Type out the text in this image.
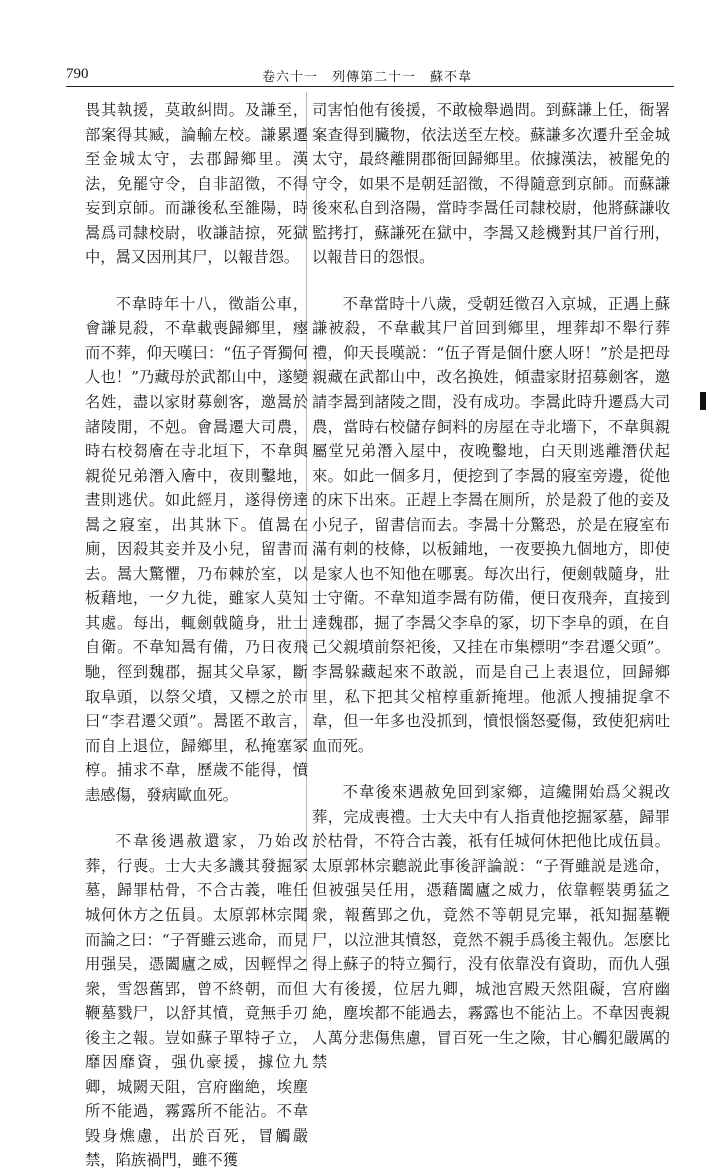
790	卷六十一　列傳第二十一　蘇不韋

畏其執援，莫敢糾問。及謙至，部案得其臧，論輸左校。謙累遷至金城太守，去郡歸鄉里。漢法，免罷守令，自非詔徵，不得妄到京師。而謙後私至雒陽，時暠爲司隸校尉，收謙詰掠，死獄中，暠又因刑其尸，以報昔怨。

不韋時年十八，徵詣公車，會謙見殺，不韋載喪歸鄉里，瘞而不葬，仰天嘆曰：“伍子胥獨何人也！”乃藏母於武都山中，遂變名姓，盡以家財募劍客，邀暠於諸陵閒，不剋。會暠遷大司農，時右校芻廥在寺北垣下，不韋與親從兄弟潛入廥中，夜則鑿地，晝則逃伏。如此經月，遂得傍達暠之寢室，出其牀下。值暠在廁，因殺其妾并及小兒，留書而去。暠大驚懼，乃布棘於室，以板藉地，一夕九徙，雖家人莫知其處。每出，輒劍戟隨身，壯士自衛。不韋知暠有備，乃日夜飛馳，徑到魏郡，掘其父阜冢，斷取阜頭，以祭父墳，又標之於市曰“李君遷父頭”。暠匿不敢言，而自上退位，歸鄉里，私掩塞冢椁。捕求不韋，歷歲不能得，憤恚感傷，發病歐血死。

不韋後遇赦還家，乃始改葬，行喪。士大夫多譏其發掘冢墓，歸罪枯骨，不合古義，唯任城何休方之伍員。太原郭林宗聞而論之曰：“子胥雖云逃命，而見用强吴，憑闔廬之威，因輕悍之衆，雪怨舊郢，曾不終朝，而但鞭墓戮尸，以舒其憤，竟無手刃後主之報。豈如蘇子單特孑立，靡因靡資，强仇豪援，據位九卿，城闕天阻，宫府幽絶，埃塵所不能過，霧露所不能沾。不韋毁身燋慮，出於百死，冒觸嚴禁，陷族禍門，雖不獲

司害怕他有後援，不敢檢舉過問。到蘇謙上任，衙署案查得到臟物，依法送至左校。蘇謙多次遷升至金城太守，最終離開郡衙回歸鄉里。依據漢法，被罷免的守令，如果不是朝廷詔徵，不得隨意到京師。而蘇謙後來私自到洛陽，當時李暠任司隸校尉，他將蘇謙收監拷打，蘇謙死在獄中，李暠又趁機對其尸首行刑，以報昔日的怨恨。

不韋當時十八歲，受朝廷徵召入京城，正遇上蘇謙被殺，不韋載其尸首回到鄉里，埋葬却不舉行葬禮，仰天長嘆説：“伍子胥是個什麽人呀！”於是把母親藏在武都山中，改名换姓，傾盡家財招募劍客，邀請李暠到諸陵之間，没有成功。李暠此時升遷爲大司農，當時右校儲存飼料的房屋在寺北墻下，不韋與親屬堂兄弟潛入屋中，夜晚鑿地，白天則逃離潛伏起來。如此一個多月，便挖到了李暠的寢室旁邊，從他的床下出來。正趕上李暠在厠所，於是殺了他的妾及小兒子，留書信而去。李暠十分驚恐，於是在寢室布滿有刺的枝條，以板鋪地，一夜要换九個地方，即使是家人也不知他在哪裏。每次出行，便劍戟隨身，壯士守衛。不韋知道李暠有防備，便日夜飛奔，直接到達魏郡，掘了李暠父李阜的冢，切下李阜的頭，在自己父親墳前祭祀後，又挂在市集標明“李君遷父頭”。李暠躲藏起來不敢説，而是自己上表退位，回歸鄉里，私下把其父棺椁重新掩埋。他派人搜捕捉拿不韋，但一年多也没抓到，憤恨惱怒憂傷，致使犯病吐血而死。

不韋後來遇赦免回到家鄉，這纔開始爲父親改葬，完成喪禮。士大夫中有人指責他挖掘冢墓，歸罪於枯骨，不符合古義，祇有任城何休把他比成伍員。太原郭林宗聽説此事後評論説：“子胥雖説是逃命，但被强吴任用，憑藉闔廬之威力，依靠輕裝勇猛之衆，報舊郢之仇，竟然不等朝見完畢，祇知掘墓鞭尸，以泣泄其憤怒，竟然不親手爲後主報仇。怎麽比得上蘇子的特立獨行，没有依靠没有資助，而仇人强大有後援，位居九卿，城池宫殿天然阻礙，宫府幽絶，塵埃都不能過去，霧露也不能沾上。不韋因喪親人萬分悲傷焦慮，冒百死一生之險，甘心觸犯嚴厲的禁
